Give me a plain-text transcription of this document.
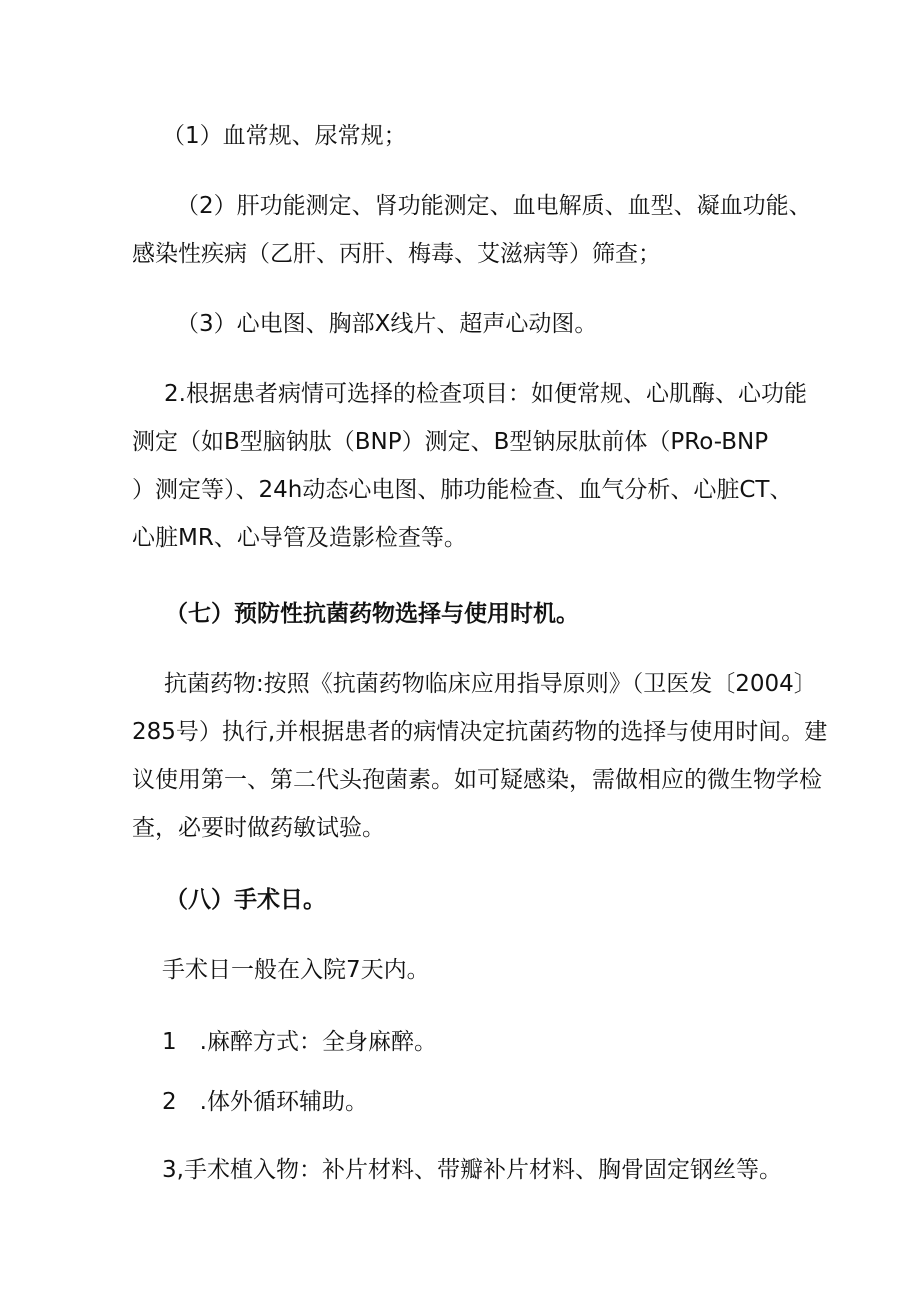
（1）血常规、尿常规；

（2）肝功能测定、肾功能测定、血电解质、血型、凝血功能、
感染性疾病（乙肝、丙肝、梅毒、艾滋病等）筛查；

（3）心电图、胸部X线片、超声心动图。

2.根据患者病情可选择的检查项目：如便常规、心肌酶、心功能
测定（如B型脑钠肽（BNP）测定、B型钠尿肽前体（PRo-BNP
）测定等）、24h动态心电图、肺功能检查、血气分析、心脏CT、
心脏MR、心导管及造影检查等。

（七）预防性抗菌药物选择与使用时机。

抗菌药物:按照《抗菌药物临床应用指导原则》（卫医发〔2004〕
285号）执行,并根据患者的病情决定抗菌药物的选择与使用时间。建
议使用第一、第二代头孢菌素。如可疑感染，需做相应的微生物学检
查，必要时做药敏试验。

（八）手术日。

手术日一般在入院7天内。

1　.麻醉方式：全身麻醉。

2　.体外循环辅助。

3,手术植入物：补片材料、带瓣补片材料、胸骨固定钢丝等。
